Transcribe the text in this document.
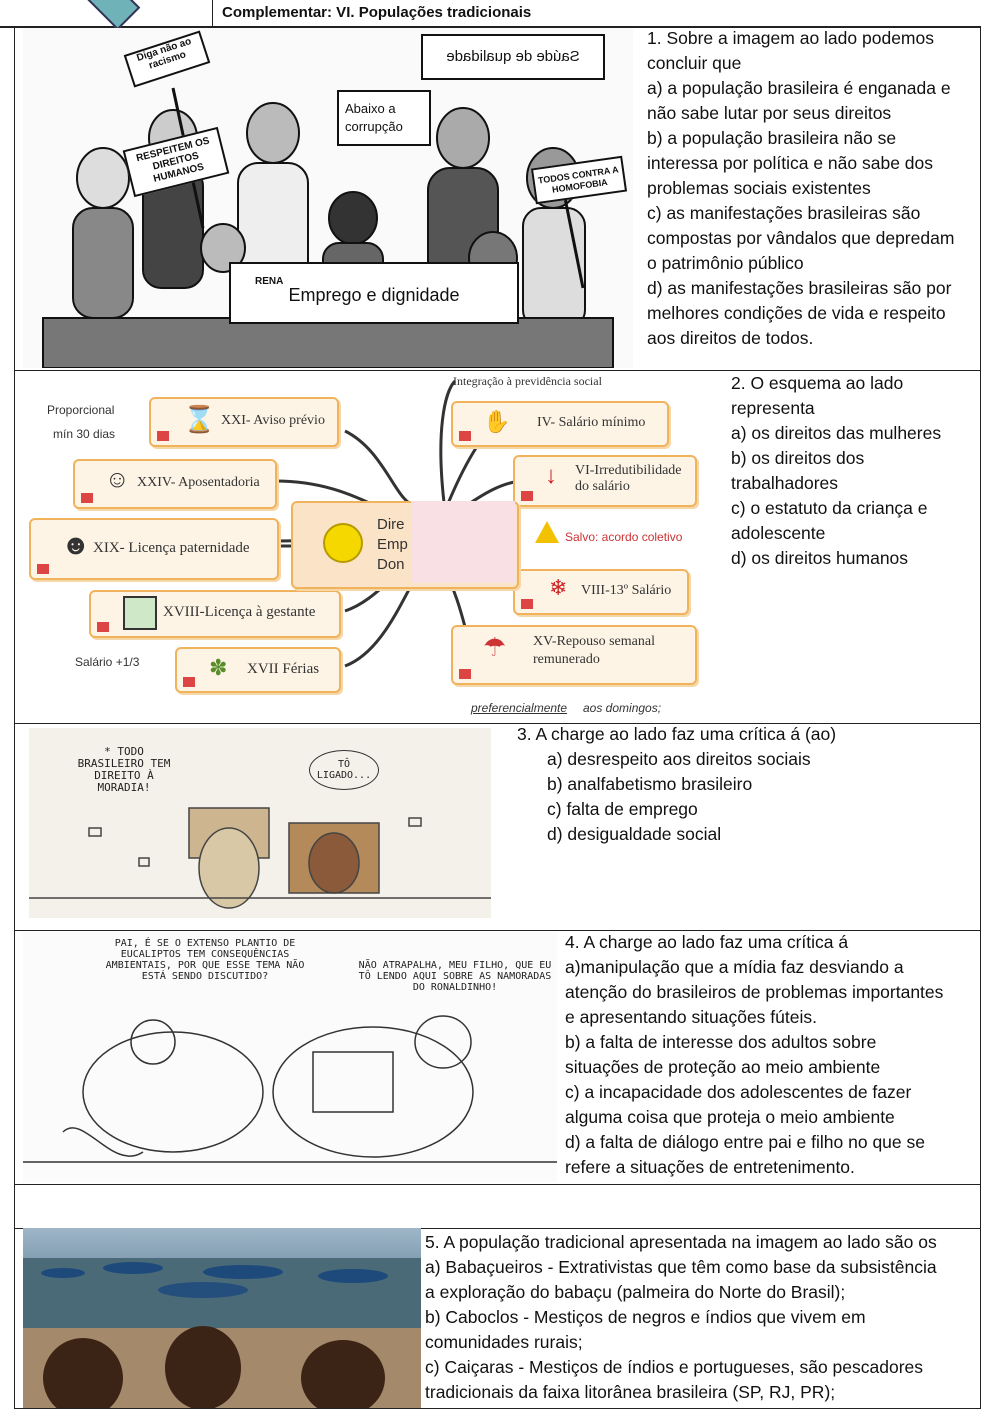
Complementar: VI. Populações tradicionais
Diga não ao racismo	Saúde de qualidade
Abaixo a corrupção
RESPEITEM OS DIREITOS HUMANOS	TODOS CONTRA A HOMOFOBIA
Emprego e dignidade
RENA

1. Sobre a imagem ao lado podemos

concluir que

a) a população brasileira é enganada e

não sabe lutar por seus direitos

b) a população brasileira não se

interessa por política e não sabe dos

problemas sociais existentes

c) as manifestações brasileiras são

compostas por vândalos que depredam

o patrimônio público

d) as manifestações brasileiras são por

melhores condições de vida e respeito

aos direitos de todos.

Proporcional
mín 30 dias
Salário +1/3
Integração à previdência social
Salvo: acordo coletivo
preferencialmente aos domingos;
⌛ XXI- Aviso prévio
☺ XXIV- Aposentadoria
☻ XIX- Licença paternidade
XVIII-Licença à gestante
✽ XVII Férias
✋ IV- Salário mínimo
↓ VI-Irredutibilidade do salário
❄ VIII-13º Salário
☂ XV-Repouso semanal remunerado
Dire
Emp
Don

2. O esquema ao lado

representa

a) os direitos das mulheres

b) os direitos dos

trabalhadores

c) o estatuto da criança e

adolescente

d) os direitos humanos

* TODO BRASILEIRO TEM DIREITO À MORADIA!
TÔ LIGADO...

3. A charge ao lado faz uma crítica á (ao)

a) desrespeito aos direitos sociais

b) analfabetismo brasileiro

c) falta de emprego

d) desigualdade social

PAI, É SE O EXTENSO PLANTIO DE EUCALIPTOS TEM CONSEQUÊNCIAS AMBIENTAIS, POR QUE ESSE TEMA NÃO ESTÁ SENDO DISCUTIDO?
NÃO ATRAPALHA, MEU FILHO, QUE EU TÔ LENDO AQUI SOBRE AS NAMORADAS DO RONALDINHO!

4. A charge ao lado faz uma crítica á

a)manipulação que a mídia faz desviando a

atenção do brasileiros de problemas importantes

e apresentando situações fúteis.

b) a falta de interesse dos adultos sobre

situações de proteção ao meio ambiente

c) a incapacidade dos adolescentes de fazer

alguma coisa que proteja o meio ambiente

d) a falta de diálogo entre pai e filho no que se

refere a situações de entretenimento.

5. A população tradicional apresentada na imagem ao lado são os

a) Babaçueiros - Extrativistas que têm como base da subsistência

a exploração do babaçu (palmeira do Norte do Brasil);

b) Caboclos - Mestiços de negros e índios que vivem em

comunidades rurais;

c) Caiçaras - Mestiços de índios e portugueses, são pescadores

tradicionais da faixa litorânea brasileira (SP, RJ, PR);
